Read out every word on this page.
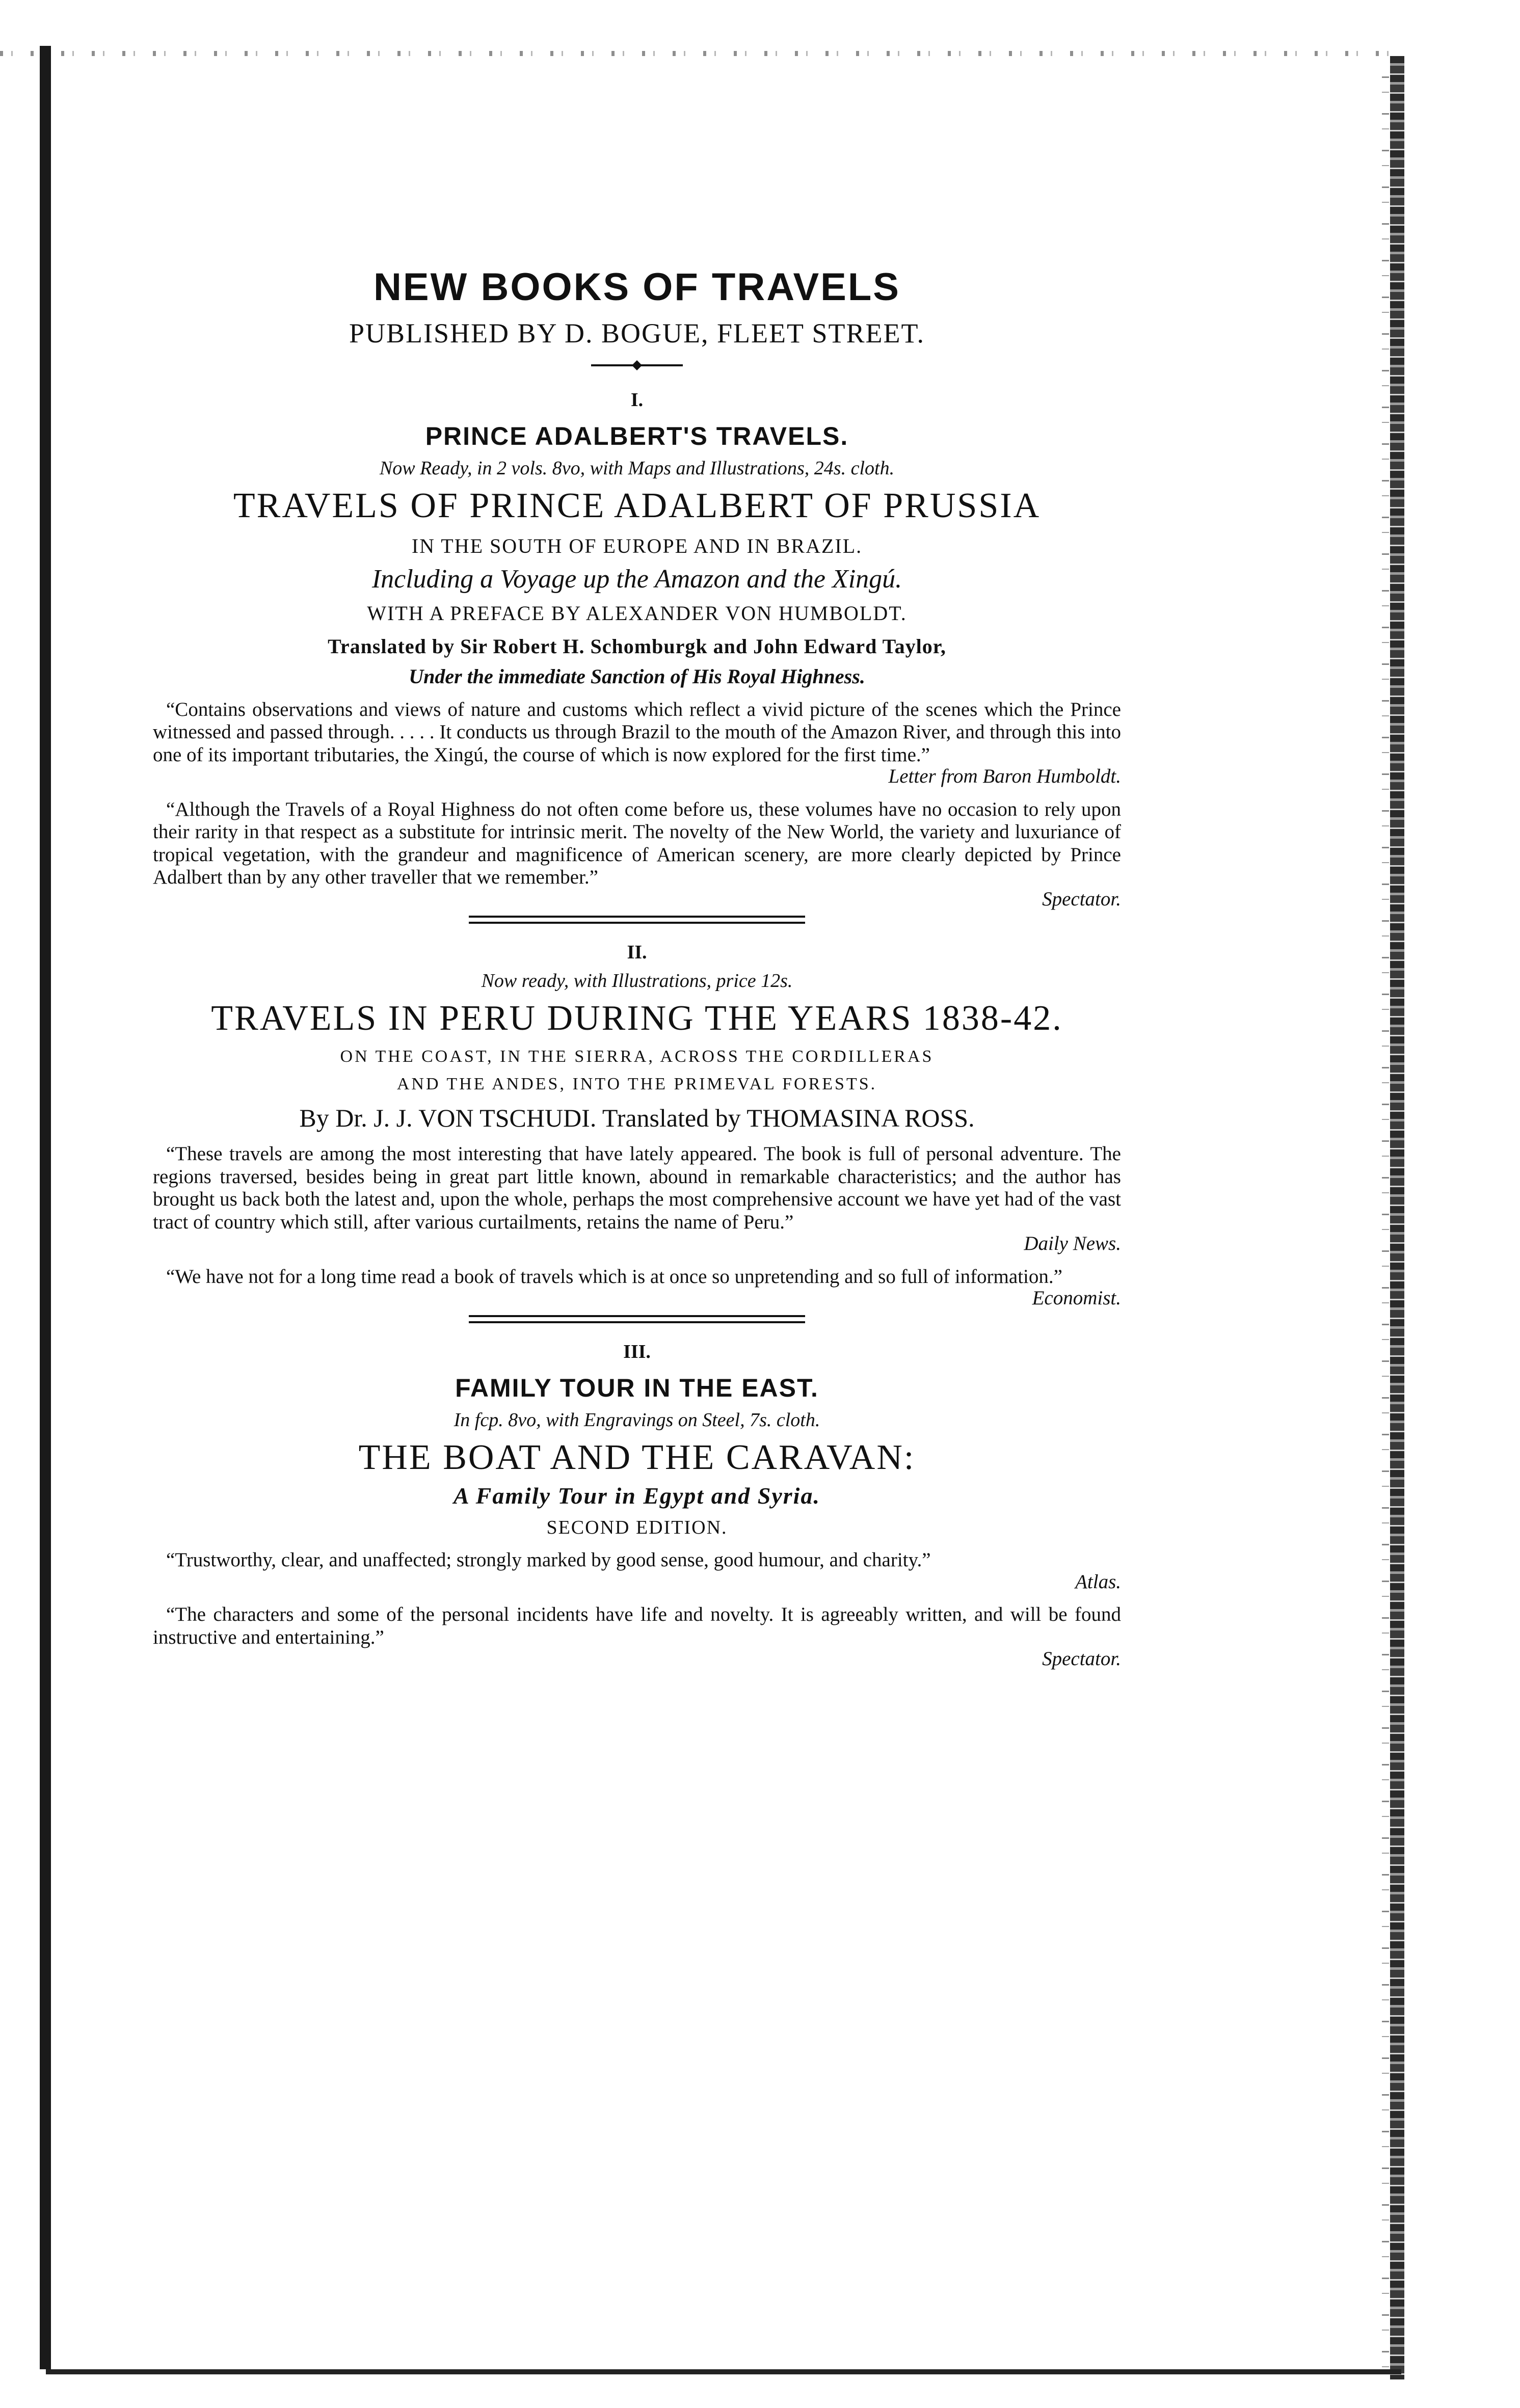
NEW BOOKS OF TRAVELS
PUBLISHED BY D. BOGUE, FLEET STREET.
I.
PRINCE ADALBERT'S TRAVELS.
Now Ready, in 2 vols. 8vo, with Maps and Illustrations, 24s. cloth.
TRAVELS OF PRINCE ADALBERT OF PRUSSIA
IN THE SOUTH OF EUROPE AND IN BRAZIL.
Including a Voyage up the Amazon and the Xingú.
WITH A PREFACE BY ALEXANDER VON HUMBOLDT.
Translated by Sir Robert H. Schomburgk and John Edward Taylor,
Under the immediate Sanction of His Royal Highness.
“Contains observations and views of nature and customs which reflect a vivid picture of the scenes which the Prince witnessed and passed through. . . . . It conducts us through Brazil to the mouth of the Amazon River, and through this into one of its important tributaries, the Xingú, the course of which is now explored for the first time.”
Letter from Baron Humboldt.
“Although the Travels of a Royal Highness do not often come before us, these volumes have no occasion to rely upon their rarity in that respect as a substitute for intrinsic merit. The novelty of the New World, the variety and luxuriance of tropical vegetation, with the grandeur and magnificence of American scenery, are more clearly depicted by Prince Adalbert than by any other traveller that we remember.”
Spectator.
II.
Now ready, with Illustrations, price 12s.
TRAVELS IN PERU DURING THE YEARS 1838-42.
ON THE COAST, IN THE SIERRA, ACROSS THE CORDILLERAS
AND THE ANDES, INTO THE PRIMEVAL FORESTS.
By Dr. J. J. VON TSCHUDI. Translated by THOMASINA ROSS.
“These travels are among the most interesting that have lately appeared. The book is full of personal adventure. The regions traversed, besides being in great part little known, abound in remarkable characteristics; and the author has brought us back both the latest and, upon the whole, perhaps the most comprehensive account we have yet had of the vast tract of country which still, after various curtailments, retains the name of Peru.”
Daily News.
“We have not for a long time read a book of travels which is at once so unpretending and so full of information.”
Economist.
III.
FAMILY TOUR IN THE EAST.
In fcp. 8vo, with Engravings on Steel, 7s. cloth.
THE BOAT AND THE CARAVAN:
A Family Tour in Egypt and Syria.
SECOND EDITION.
“Trustworthy, clear, and unaffected; strongly marked by good sense, good humour, and charity.”
Atlas.
“The characters and some of the personal incidents have life and novelty. It is agreeably written, and will be found instructive and entertaining.”
Spectator.
